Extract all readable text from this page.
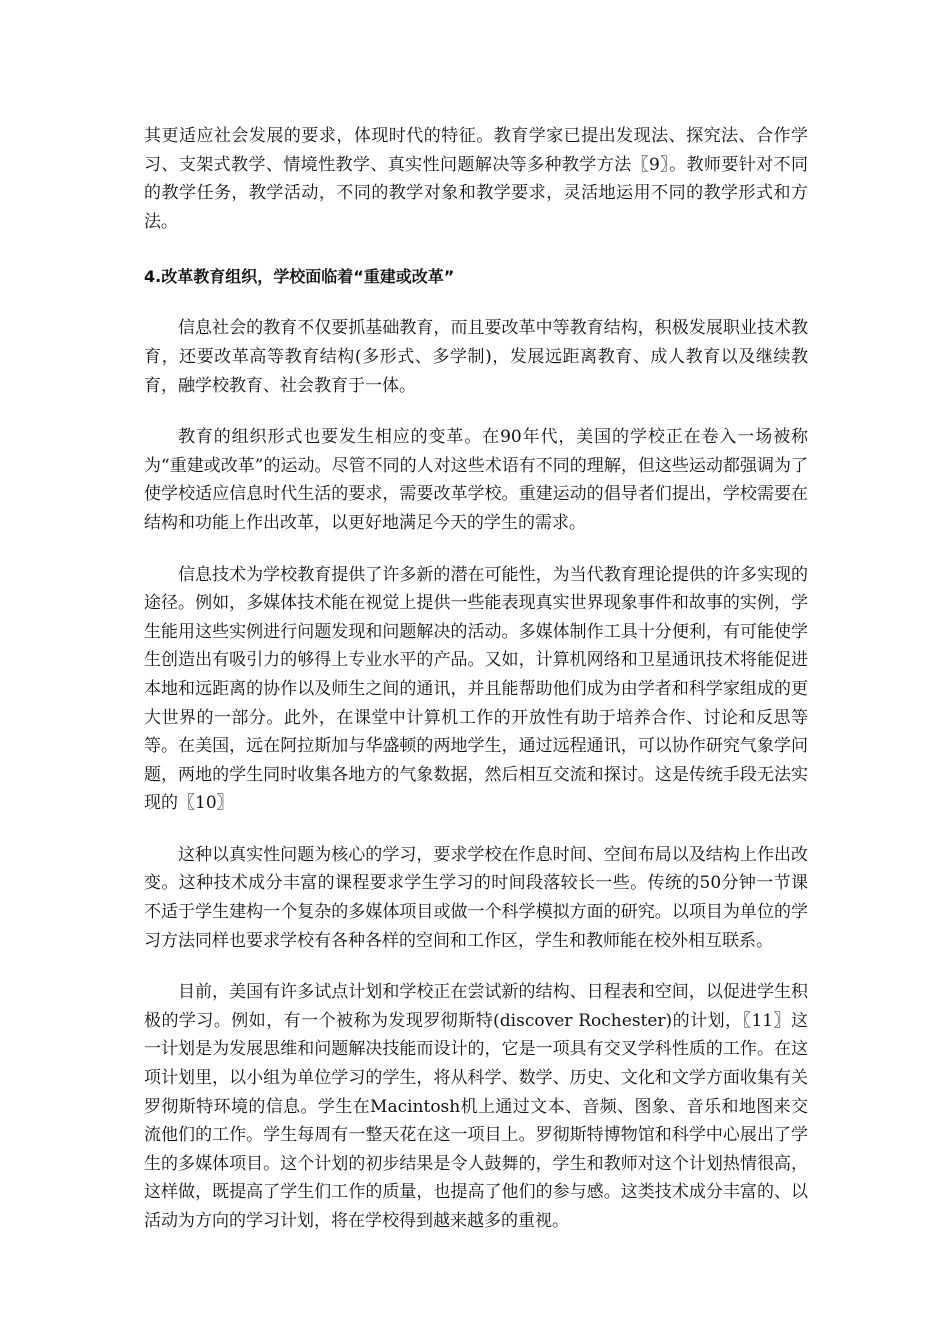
其更适应社会发展的要求，体现时代的特征。教育学家已提出发现法、探究法、合作学习、支架式教学、情境性教学、真实性问题解决等多种教学方法〖9〗。教师要针对不同的教学任务，教学活动，不同的教学对象和教学要求，灵活地运用不同的教学形式和方法。

4.改革教育组织，学校面临着“重建或改革”

信息社会的教育不仅要抓基础教育，而且要改革中等教育结构，积极发展职业技术教育，还要改革高等教育结构(多形式、多学制)，发展远距离教育、成人教育以及继续教育，融学校教育、社会教育于一体。

教育的组织形式也要发生相应的变革。在90年代，美国的学校正在卷入一场被称为“重建或改革”的运动。尽管不同的人对这些术语有不同的理解，但这些运动都强调为了使学校适应信息时代生活的要求，需要改革学校。重建运动的倡导者们提出，学校需要在结构和功能上作出改革，以更好地满足今天的学生的需求。

信息技术为学校教育提供了许多新的潜在可能性，为当代教育理论提供的许多实现的途径。例如，多媒体技术能在视觉上提供一些能表现真实世界现象事件和故事的实例，学生能用这些实例进行问题发现和问题解决的活动。多媒体制作工具十分便利，有可能使学生创造出有吸引力的够得上专业水平的产品。又如，计算机网络和卫星通讯技术将能促进本地和远距离的协作以及师生之间的通讯，并且能帮助他们成为由学者和科学家组成的更大世界的一部分。此外，在课堂中计算机工作的开放性有助于培养合作、讨论和反思等等。在美国，远在阿拉斯加与华盛顿的两地学生，通过远程通讯，可以协作研究气象学问题，两地的学生同时收集各地方的气象数据，然后相互交流和探讨。这是传统手段无法实现的〖10〗

这种以真实性问题为核心的学习，要求学校在作息时间、空间布局以及结构上作出改变。这种技术成分丰富的课程要求学生学习的时间段落较长一些。传统的50分钟一节课不适于学生建构一个复杂的多媒体项目或做一个科学模拟方面的研究。以项目为单位的学习方法同样也要求学校有各种各样的空间和工作区，学生和教师能在校外相互联系。

目前，美国有许多试点计划和学校正在尝试新的结构、日程表和空间，以促进学生积极的学习。例如，有一个被称为发现罗彻斯特(discover Rochester)的计划，〖11〗这一计划是为发展思维和问题解决技能而设计的，它是一项具有交叉学科性质的工作。在这项计划里，以小组为单位学习的学生，将从科学、数学、历史、文化和文学方面收集有关罗彻斯特环境的信息。学生在Macintosh机上通过文本、音频、图象、音乐和地图来交流他们的工作。学生每周有一整天花在这一项目上。罗彻斯特博物馆和科学中心展出了学生的多媒体项目。这个计划的初步结果是令人鼓舞的，学生和教师对这个计划热情很高，这样做，既提高了学生们工作的质量，也提高了他们的参与感。这类技术成分丰富的、以活动为方向的学习计划，将在学校得到越来越多的重视。
